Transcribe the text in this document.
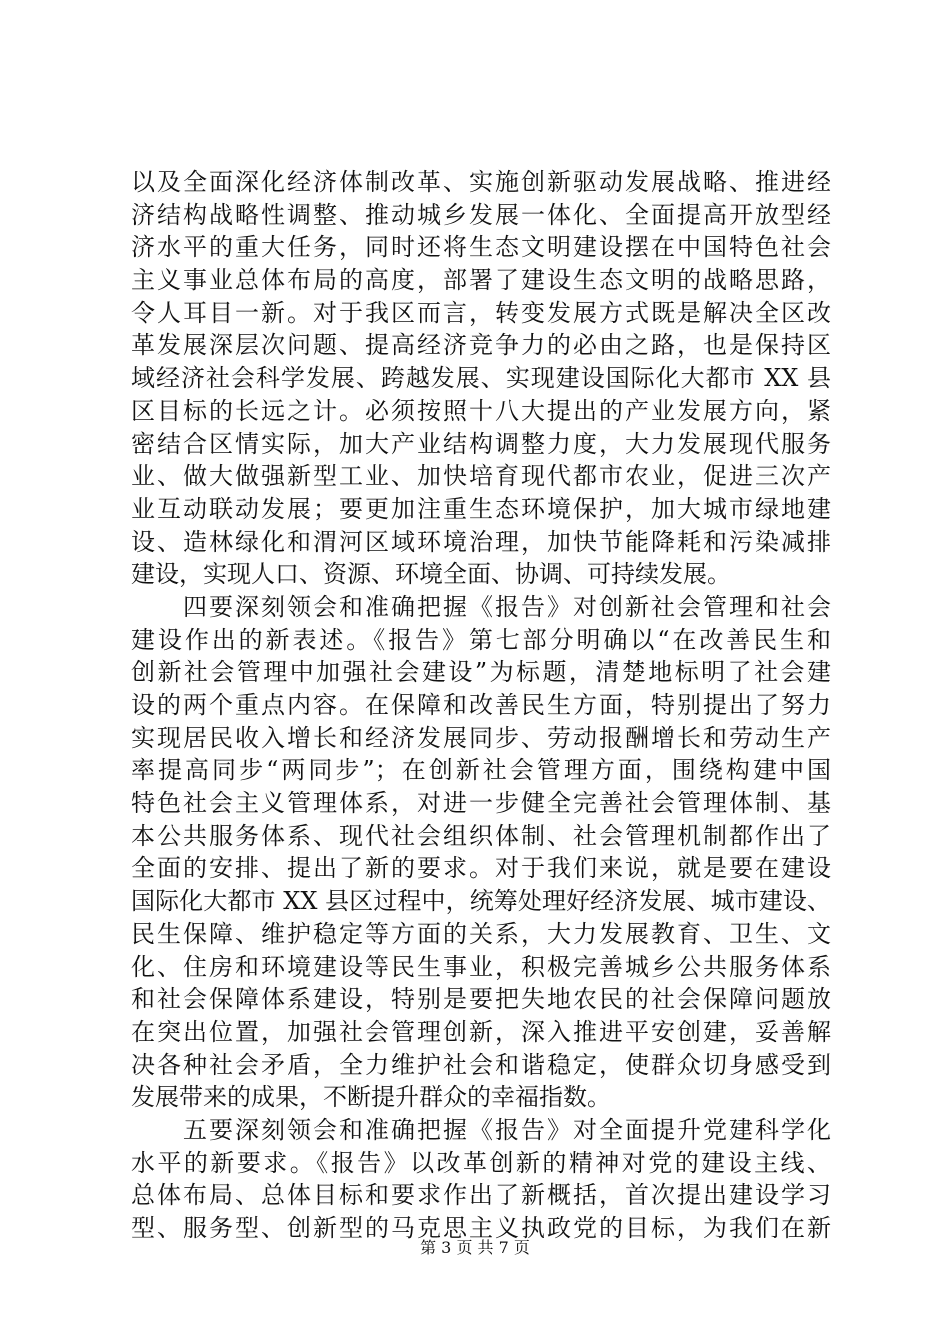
以及全面深化经济体制改革、实施创新驱动发展战略、推进经
济结构战略性调整、推动城乡发展一体化、全面提高开放型经
济水平的重大任务，同时还将生态文明建设摆在中国特色社会
主义事业总体布局的高度，部署了建设生态文明的战略思路，
令人耳目一新。对于我区而言，转变发展方式既是解决全区改
革发展深层次问题、提高经济竞争力的必由之路，也是保持区
域经济社会科学发展、跨越发展、实现建设国际化大都市 XX 县
区目标的长远之计。必须按照十八大提出的产业发展方向，紧
密结合区情实际，加大产业结构调整力度，大力发展现代服务
业、做大做强新型工业、加快培育现代都市农业，促进三次产
业互动联动发展；要更加注重生态环境保护，加大城市绿地建
设、造林绿化和渭河区域环境治理，加快节能降耗和污染减排
建设，实现人口、资源、环境全面、协调、可持续发展。
四要深刻领会和准确把握《报告》对创新社会管理和社会
建设作出的新表述。《报告》第七部分明确以“在改善民生和
创新社会管理中加强社会建设”为标题，清楚地标明了社会建
设的两个重点内容。在保障和改善民生方面，特别提出了努力
实现居民收入增长和经济发展同步、劳动报酬增长和劳动生产
率提高同步“两同步”；在创新社会管理方面，围绕构建中国
特色社会主义管理体系，对进一步健全完善社会管理体制、基
本公共服务体系、现代社会组织体制、社会管理机制都作出了
全面的安排、提出了新的要求。对于我们来说，就是要在建设
国际化大都市 XX 县区过程中，统筹处理好经济发展、城市建设、
民生保障、维护稳定等方面的关系，大力发展教育、卫生、文
化、住房和环境建设等民生事业，积极完善城乡公共服务体系
和社会保障体系建设，特别是要把失地农民的社会保障问题放
在突出位置，加强社会管理创新，深入推进平安创建，妥善解
决各种社会矛盾，全力维护社会和谐稳定，使群众切身感受到
发展带来的成果，不断提升群众的幸福指数。
五要深刻领会和准确把握《报告》对全面提升党建科学化
水平的新要求。《报告》以改革创新的精神对党的建设主线、
总体布局、总体目标和要求作出了新概括，首次提出建设学习
型、服务型、创新型的马克思主义执政党的目标，为我们在新
第 3 页 共 7 页
